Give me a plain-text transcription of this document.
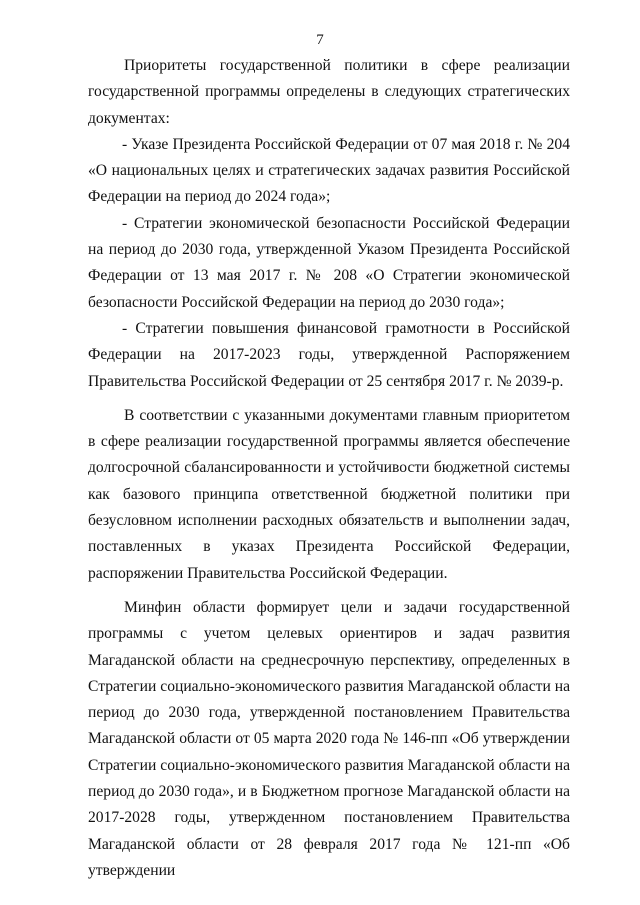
7

Приоритеты государственной политики в сфере реализации государственной программы определены в следующих стратегических документах:

- Указе Президента Российской Федерации от 07 мая 2018 г. № 204 «О национальных целях и стратегических задачах развития Российской Федерации на период до 2024 года»;

- Стратегии экономической безопасности Российской Федерации на период до 2030 года, утвержденной Указом Президента Российской Федерации от 13 мая 2017 г. № 208 «О Стратегии экономической безопасности Российской Федерации на период до 2030 года»;

- Стратегии повышения финансовой грамотности в Российской Федерации на 2017-2023 годы, утвержденной Распоряжением Правительства Российской Федерации от 25 сентября 2017 г. № 2039-р.

В соответствии с указанными документами главным приоритетом в сфере реализации государственной программы является обеспечение долгосрочной сбалансированности и устойчивости бюджетной системы как базового принципа ответственной бюджетной политики при безусловном исполнении расходных обязательств и выполнении задач, поставленных в указах Президента Российской Федерации, распоряжении Правительства Российской Федерации.

Минфин области формирует цели и задачи государственной программы с учетом целевых ориентиров и задач развития Магаданской области на среднесрочную перспективу, определенных в Стратегии социально-экономического развития Магаданской области на период до 2030 года, утвержденной постановлением Правительства Магаданской области от 05 марта 2020 года № 146-пп «Об утверждении Стратегии социально-экономического развития Магаданской области на период до 2030 года», и в Бюджетном прогнозе Магаданской области на 2017-2028 годы, утвержденном постановлением Правительства Магаданской области от 28 февраля 2017 года № 121-пп «Об утверждении
